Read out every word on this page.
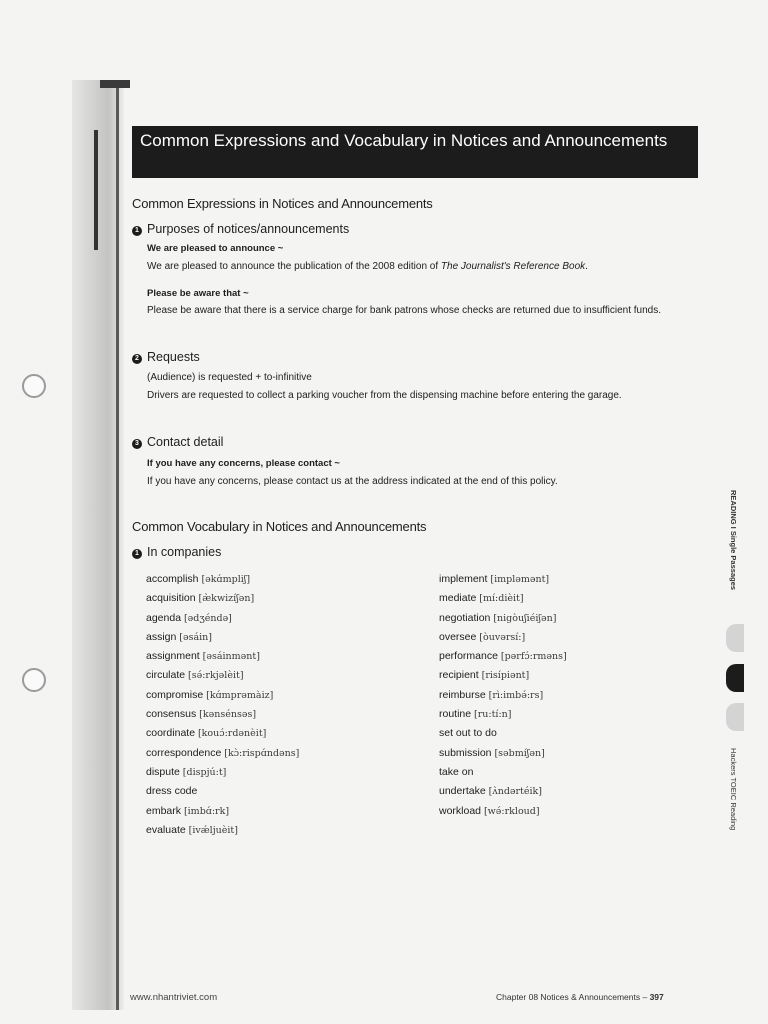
Common Expressions and Vocabulary in Notices and Announcements
Common Expressions in Notices and Announcements
1 Purposes of notices/announcements
We are pleased to announce ~
We are pleased to announce the publication of the 2008 edition of The Journalist's Reference Book.
Please be aware that ~
Please be aware that there is a service charge for bank patrons whose checks are returned due to insufficient funds.
2 Requests
(Audience) is requested + to-infinitive
Drivers are requested to collect a parking voucher from the dispensing machine before entering the garage.
3 Contact detail
If you have any concerns, please contact ~
If you have any concerns, please contact us at the address indicated at the end of this policy.
Common Vocabulary in Notices and Announcements
1 In companies
accomplish [əkɑ́mpliʃ]
acquisition [æ̀kwizíʃən]
agenda [ədʒéndə]
assign [əsáin]
assignment [əsáinmənt]
circulate [sə́:rkjəlèit]
compromise [kɑ́mprəmàiz]
consensus [kənsénsəs]
coordinate [kouɔ́:rdənèit]
correspondence [kɔ̀:rispɑ́ndəns]
dispute [dispjú:t]
dress code
embark [imbɑ́:rk]
evaluate [ivǽljuèit]
implement [impləmənt]
mediate [mí:dièit]
negotiation [nigòuʃiéiʃən]
oversee [òuvərsí:]
performance [pərfɔ́:rməns]
recipient [risípiənt]
reimburse [rì:imbə́:rs]
routine [ru:tí:n]
set out to do
submission [səbmíʃən]
take on
undertake [ʌ̀ndərtéik]
workload [wə́:rkloud]
READING I Single Passages
Hackers TOEIC Reading
www.nhantriviet.com	Chapter 08 Notices & Announcements – 397
